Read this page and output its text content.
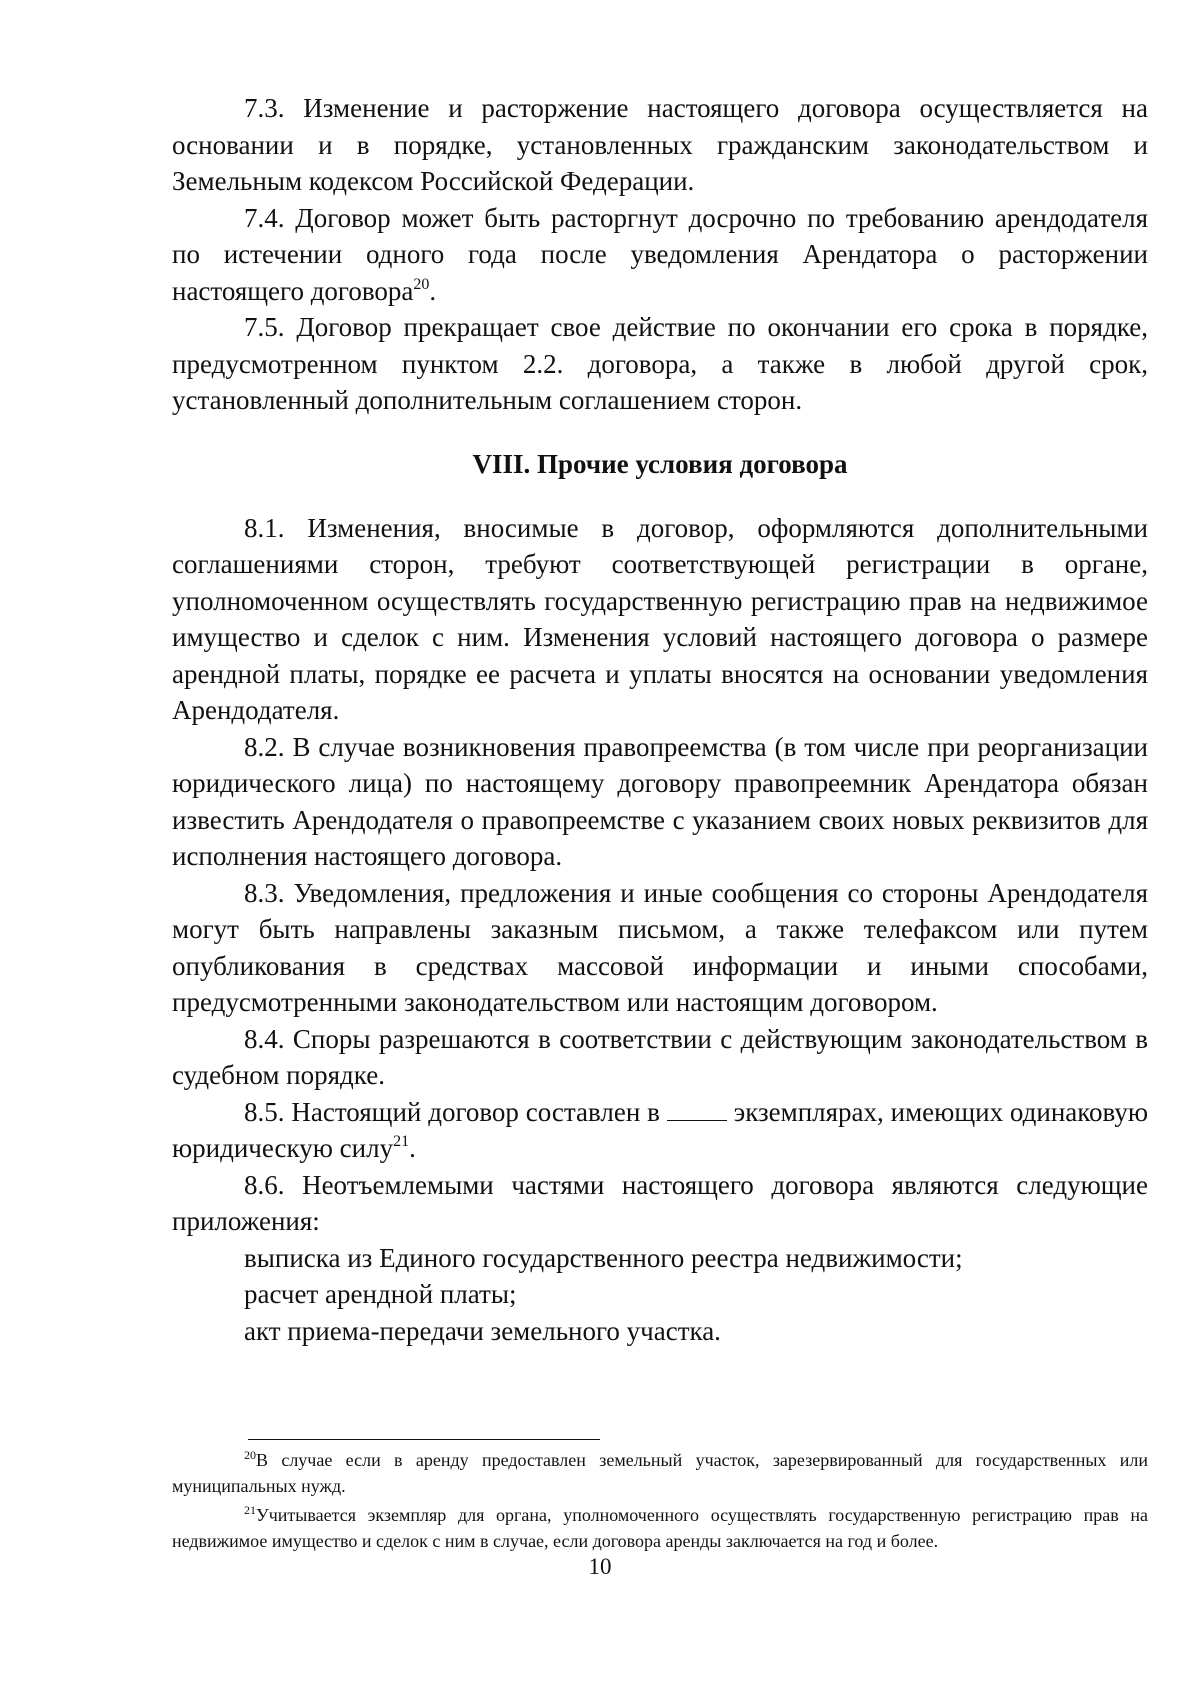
7.3. Изменение и расторжение настоящего договора осуществляется на основании и в порядке, установленных гражданским законодательством и Земельным кодексом Российской Федерации.

7.4. Договор может быть расторгнут досрочно по требованию арендодателя по истечении одного года после уведомления Арендатора о расторжении настоящего договора$^{20}$.

7.5. Договор прекращает свое действие по окончании его срока в порядке, предусмотренном пунктом 2.2. договора, а также в любой другой срок, установленный дополнительным соглашением сторон.

VIII. Прочие условия договора

8.1. Изменения, вносимые в договор, оформляются дополнительными соглашениями сторон, требуют соответствующей регистрации в органе, уполномоченном осуществлять государственную регистрацию прав на недвижимое имущество и сделок с ним. Изменения условий настоящего договора о размере арендной платы, порядке ее расчета и уплаты вносятся на основании уведомления Арендодателя.

8.2. В случае возникновения правопреемства (в том числе при реорганизации юридического лица) по настоящему договору правопреемник Арендатора обязан известить Арендодателя о правопреемстве с указанием своих новых реквизитов для исполнения настоящего договора.

8.3. Уведомления, предложения и иные сообщения со стороны Арендодателя могут быть направлены заказным письмом, а также телефаксом или путем опубликования в средствах массовой информации и иными способами, предусмотренными законодательством или настоящим договором.

8.4. Споры разрешаются в соответствии с действующим законодательством в судебном порядке.

8.5. Настоящий договор составлен в	экземплярах, имеющих одинаковую юридическую силу$^{21}$.

8.6. Неотъемлемыми частями настоящего договора являются следующие приложения:

выписка из Единого государственного реестра недвижимости;

расчет арендной платы;

акт приема-передачи земельного участка.

$^{20}$В случае если в аренду предоставлен земельный участок, зарезервированный для государственных или муниципальных нужд.

$^{21}$Учитывается экземпляр для органа, уполномоченного осуществлять государственную регистрацию прав на недвижимое имущество и сделок с ним в случае, если договора аренды заключается на год и более.

10
